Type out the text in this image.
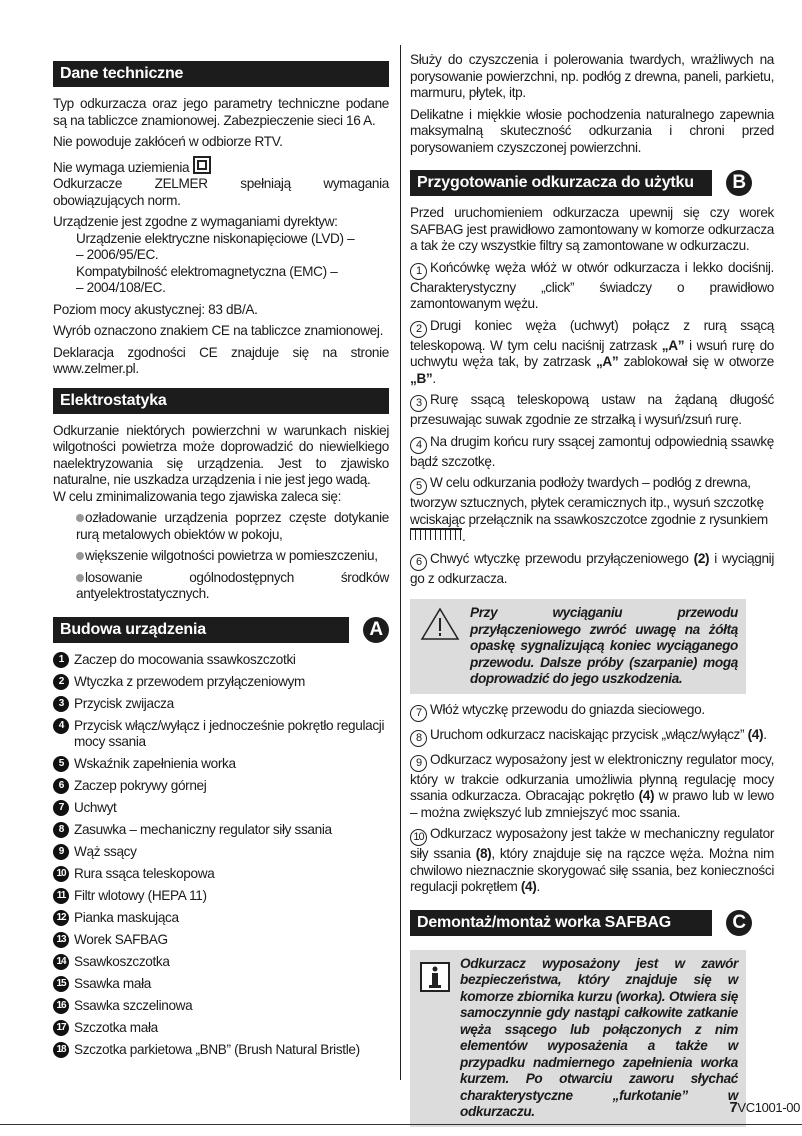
Dane techniczne

Typ odkurzacza oraz jego parametry techniczne podane są na tabliczce znamionowej. Zabezpieczenie sieci 16 A.

Nie powoduje zakłóceń w odbiorze RTV.

Nie wymaga uziemienia

Odkurzacze ZELMER spełniają wymagania obowiązujących norm.

Urządzenie jest zgodne z wymaganiami dyrektyw:

Urządzenie elektryczne niskonapięciowe (LVD) –
– 2006/95/EC.
Kompatybilność elektromagnetyczna (EMC) –
– 2004/108/EC.

Poziom mocy akustycznej: 83 dB/A.

Wyrób oznaczono znakiem CE na tabliczce znamionowej.

Deklaracja zgodności CE znajduje się na stronie www.zelmer.pl.

Elektrostatyka

Odkurzanie niektórych powierzchni w warunkach niskiej wilgotności powietrza może doprowadzić do niewielkiego naelektryzowania się urządzenia. Jest to zjawisko naturalne, nie uszkadza urządzenia i nie jest jego wadą.

W celu zminimalizowania tego zjawiska zaleca się:

ozładowanie urządzenia poprzez częste dotykanie rurą metalowych obiektów w pokoju,

większenie wilgotności powietrza w pomieszczeniu,

losowanie ogólnodostępnych środków antyelektrostatycznych.

Budowa urządzenia	A
1 Zaczep do mocowania ssawkoszczotki
2 Wtyczka z przewodem przyłączeniowym
3 Przycisk zwijacza
4 Przycisk włącz/wyłącz i jednocześnie pokrętło regulacji mocy ssania
5 Wskaźnik zapełnienia worka
6 Zaczep pokrywy górnej
7 Uchwyt
8 Zasuwka – mechaniczny regulator siły ssania
9 Wąż ssący
10 Rura ssąca teleskopowa
11 Filtr wlotowy (HEPA 11)
12 Pianka maskująca
13 Worek SAFBAG
14 Ssawkoszczotka
15 Ssawka mała
16 Ssawka szczelinowa
17 Szczotka mała
18 Szczotka parkietowa „BNB” (Brush Natural Bristle)

Służy do czyszczenia i polerowania twardych, wrażliwych na porysowanie powierzchni, np. podłóg z drewna, paneli, parkietu, marmuru, płytek, itp.

Delikatne i miękkie włosie pochodzenia naturalnego zapewnia maksymalną skuteczność odkurzania i chroni przed porysowaniem czyszczonej powierzchni.

Przygotowanie odkurzacza do użytku	B

Przed uruchomieniem odkurzacza upewnij się czy worek SAFBAG jest prawidłowo zamontowany w komorze odkurzacza a tak że czy wszystkie filtry są zamontowane w odkurzaczu.

1 Końcówkę węża włóż w otwór odkurzacza i lekko dociśnij. Charakterystyczny „click” świadczy o prawidłowo zamontowanym wężu.

2 Drugi koniec węża (uchwyt) połącz z rurą ssącą teleskopową. W tym celu naciśnij zatrzask „A” i wsuń rurę do uchwytu węża tak, by zatrzask „A” zablokował się w otworze „B”.

3 Rurę ssącą teleskopową ustaw na żądaną długość przesuwając suwak zgodnie ze strzałką i wysuń/zsuń rurę.

4 Na drugim końcu rury ssącej zamontuj odpowiednią ssawkę bądź szczotkę.

5 W celu odkurzania podłoży twardych – podłóg z drewna, tworzyw sztucznych, płytek ceramicznych itp., wysuń szczotkę wciskając przełącznik na ssawkoszczotce zgodnie z rysunkiem .

6 Chwyć wtyczkę przewodu przyłączeniowego (2) i wyciągnij go z odkurzacza.

Przy wyciąganiu przewodu przyłączeniowego zwróć uwagę na żółtą opaskę sygnalizującą koniec wyciąganego przewodu. Dalsze próby (szarpanie) mogą doprowadzić do jego uszkodzenia.

7 Włóż wtyczkę przewodu do gniazda sieciowego.

8 Uruchom odkurzacz naciskając przycisk „włącz/wyłącz” (4).

9 Odkurzacz wyposażony jest w elektroniczny regulator mocy, który w trakcie odkurzania umożliwia płynną regulację mocy ssania odkurzacza. Obracając pokrętło (4) w prawo lub w lewo – można zwiększyć lub zmniejszyć moc ssania.

10 Odkurzacz wyposażony jest także w mechaniczny regulator siły ssania (8), który znajduje się na rączce węża. Można nim chwilowo nieznacznie skorygować siłę ssania, bez konieczności regulacji pokrętłem (4).

Demontaż/montaż worka SAFBAG	C
Odkurzacz wyposażony jest w zawór bezpieczeństwa, który znajduje się w komorze zbiornika kurzu (worka). Otwiera się samoczynnie gdy nastąpi całkowite zatkanie węża ssącego lub połączonych z nim elementów wyposażenia a także w przypadku nadmiernego zapełnienia worka kurzem. Po otwarciu zaworu słychać charakterystyczne „furkotanie” w odkurzaczu.	7VC1001-00
